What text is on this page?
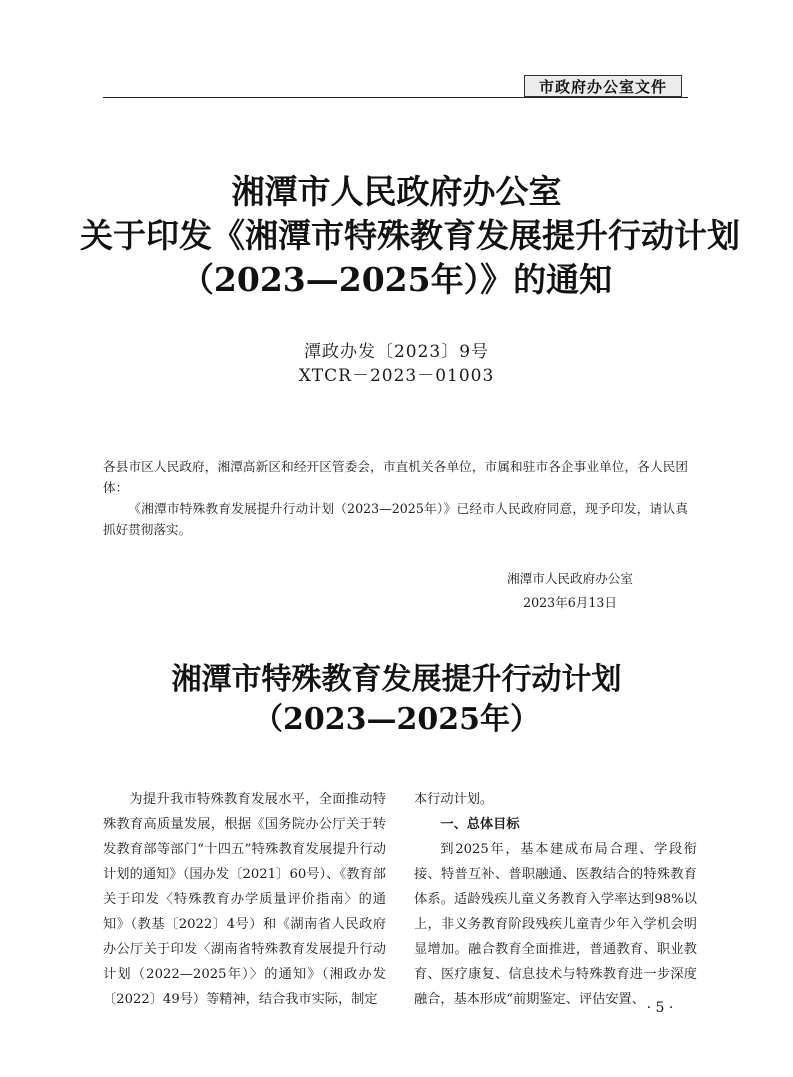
市政府办公室文件
湘潭市人民政府办公室
关于印发《湘潭市特殊教育发展提升行动计划
（2023—2025年）》的通知
潭政办发〔2023〕9号
XTCR－2023－01003

各县市区人民政府，湘潭高新区和经开区管委会，市直机关各单位，市属和驻市各企事业单位，各人民团体：

《湘潭市特殊教育发展提升行动计划（2023—2025年）》已经市人民政府同意，现予印发，请认真抓好贯彻落实。

湘潭市人民政府办公室
2023年6月13日
湘潭市特殊教育发展提升行动计划
（2023—2025年）

为提升我市特殊教育发展水平，全面推动特殊教育高质量发展，根据《国务院办公厅关于转发教育部等部门“十四五”特殊教育发展提升行动计划的通知》（国办发〔2021〕60号）、《教育部关于印发〈特殊教育办学质量评价指南〉的通知》（教基〔2022〕4号）和《湖南省人民政府办公厅关于印发〈湖南省特殊教育发展提升行动计划（2022—2025年）〉的通知》（湘政办发〔2022〕49号）等精神，结合我市实际，制定

本行动计划。

一、总体目标

到2025年，基本建成布局合理、学段衔接、特普互补、普职融通、医教结合的特殊教育体系。适龄残疾儿童义务教育入学率达到98%以上，非义务教育阶段残疾儿童青少年入学机会明显增加。融合教育全面推进，普通教育、职业教育、医疗康复、信息技术与特殊教育进一步深度融合，基本形成“前期鉴定、评估安置、

· 5 ·
